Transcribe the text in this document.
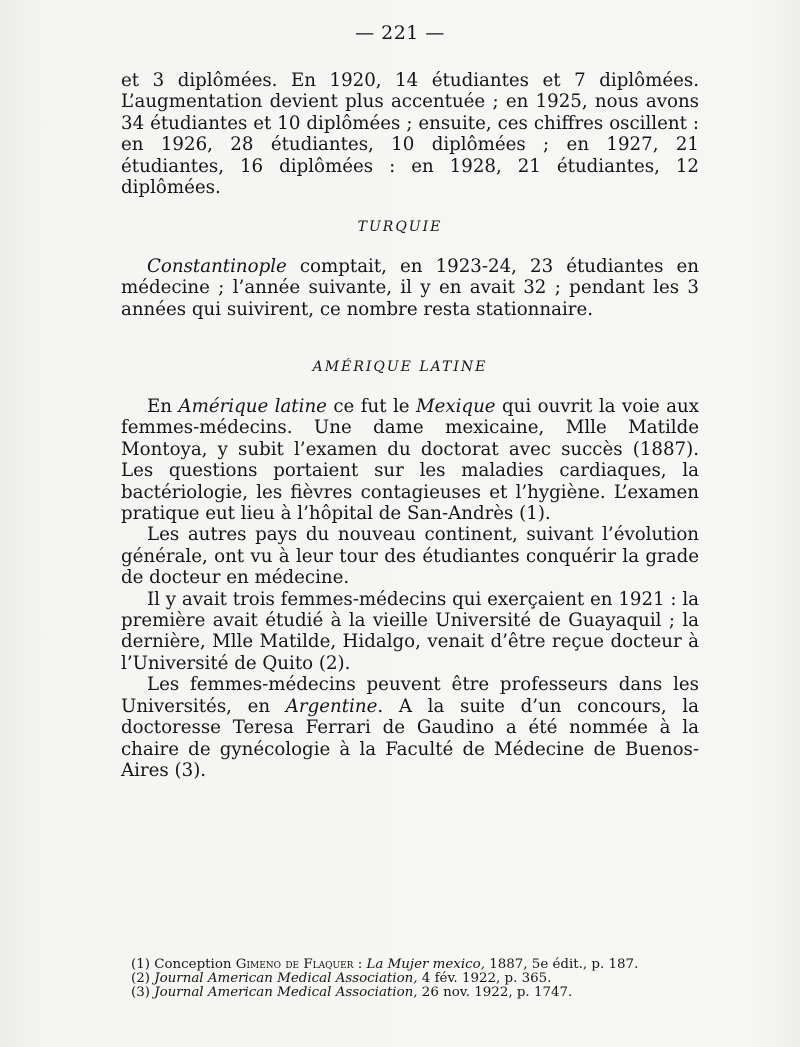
— 221 —

et 3 diplômées. En 1920, 14 étudiantes et 7 diplômées. L’augmentation devient plus accentuée ; en 1925, nous avons 34 étudiantes et 10 diplômées ; ensuite, ces chiffres oscillent : en 1926, 28 étudiantes, 10 diplômées ; en 1927, 21 étudiantes, 16 diplômées : en 1928, 21 étudiantes, 12 diplômées.

TURQUIE

Constantinople comptait, en 1923-24, 23 étudiantes en médecine ; l’année suivante, il y en avait 32 ; pendant les 3 années qui suivirent, ce nombre resta stationnaire.

AMÉRIQUE LATINE

En Amérique latine ce fut le Mexique qui ouvrit la voie aux femmes-médecins. Une dame mexicaine, Mlle Matilde Montoya, y subit l’examen du doctorat avec succès (1887). Les questions portaient sur les maladies cardiaques, la bactériologie, les fièvres contagieuses et l’hygiène. L’examen pratique eut lieu à l’hôpital de San-Andrès (1).

Les autres pays du nouveau continent, suivant l’évolution générale, ont vu à leur tour des étudiantes conquérir la grade de docteur en médecine.

Il y avait trois femmes-médecins qui exerçaient en 1921 : la première avait étudié à la vieille Université de Guayaquil ; la dernière, Mlle Matilde, Hidalgo, venait d’être reçue docteur à l’Université de Quito (2).

Les femmes-médecins peuvent être professeurs dans les Universités, en Argentine. A la suite d’un concours, la doctoresse Teresa Ferrari de Gaudino a été nommée à la chaire de gynécologie à la Faculté de Médecine de Buenos-Aires (3).

(1) Conception Gimeno de Flaquer : La Mujer mexico, 1887, 5e édit., p. 187.
(2) Journal American Medical Association, 4 fév. 1922, p. 365.
(3) Journal American Medical Association, 26 nov. 1922, p. 1747.
